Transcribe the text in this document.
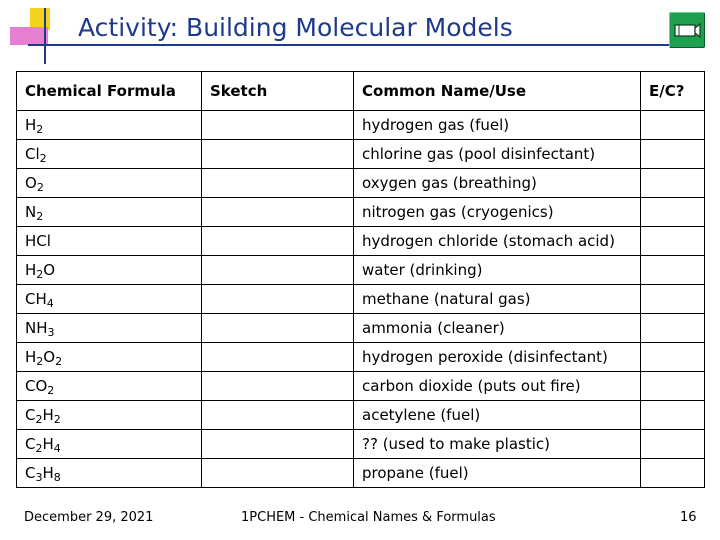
Activity: Building Molecular Models
Chemical Formula	Sketch	Common Name/Use	E/C?
$H_2$		hydrogen gas (fuel)	
$Cl_2$		chlorine gas (pool disinfectant)	
$O_2$		oxygen gas (breathing)	
$N_2$		nitrogen gas (cryogenics)	
HCl		hydrogen chloride (stomach acid)	
$H_2O$		water (drinking)	
$CH_4$		methane (natural gas)	
$NH_3$		ammonia (cleaner)	
$H_2O_2$		hydrogen peroxide (disinfectant)	
$CO_2$		carbon dioxide (puts out fire)	
$C_2H_2$		acetylene (fuel)	
$C_2H_4$		?? (used to make plastic)	
$C_3H_8$		propane (fuel)	
December 29, 2021	1PCHEM - Chemical Names & Formulas	16
